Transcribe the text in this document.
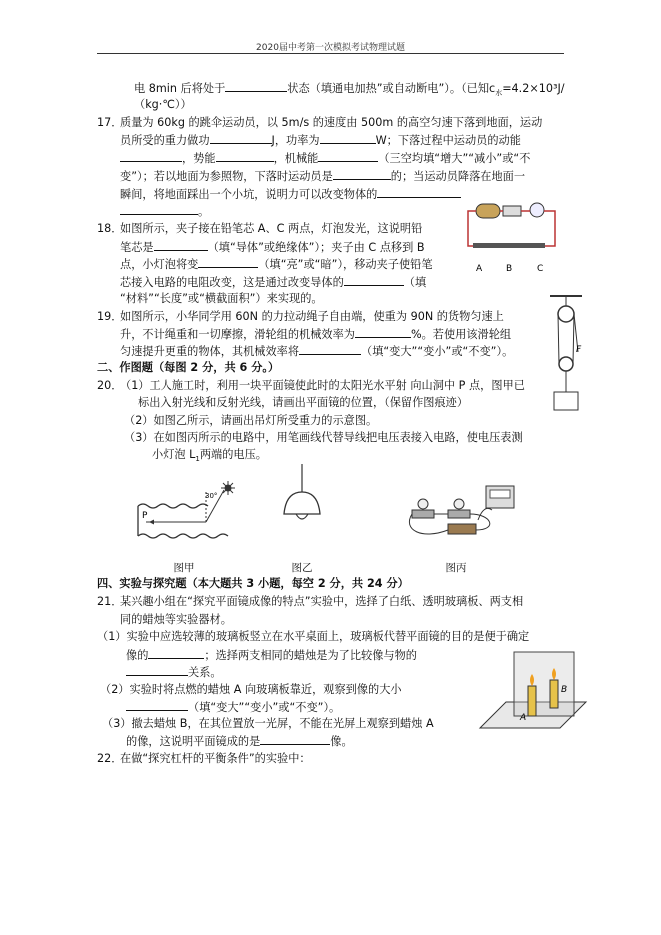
2020届中考第一次模拟考试物理试题
电 8min 后将处于	状态（填通电加热”或自动断电”）。（已知$c_水=4.2\times 10^3J/$
（kg·℃））
17．
质量为 60kg 的跳伞运动员，以 5m/s 的速度由 500m 的高空匀速下落到地面，运动
员所受的重力做功	J，功率为	W；下落过程中运动员的动能
，势能	，机械能	（三空均填“增大”“减小”或“不
变”）；若以地面为参照物，下落时运动员是	的；当运动员降落在地面一
瞬间，将地面踩出一个小坑，说明力可以改变物体的
。
18．
如图所示，夹子接在铅笔芯 A、C 两点，灯泡发光，这说明铅
笔芯是	（填“导体”或绝缘体”）；夹子由 C 点移到 B
点，小灯泡将变	（填“亮”或“暗”），移动夹子使铅笔
芯接入电路的电阻改变，这是通过改变导体的	（填
“材料”“长度”或“横截面积”）来实现的。
A	B	C
19．
如图所示，小华同学用 60N 的力拉动绳子自由端，使重为 90N 的货物匀速上
升，不计绳重和一切摩擦，滑轮组的机械效率为	%。若使用该滑轮组
匀速提升更重的物体，其机械效率将	（填“变大”“变小”或“不变”）。	F
二、作图题（每图 2 分，共 6 分。）
20．
（1）工人施工时，利用一块平面镜使此时的太阳光水平射 向山洞中 P 点，图甲已
标出入射光线和反射光线，请画出平面镜的位置，（保留作图痕迹）
（2）如图乙所示，请画出吊灯所受重力的示意图。
（3）在如图丙所示的电路中，用笔画线代替导线把电压表接入电路，使电压表测
小灯泡 $L_1$两端的电压。
P
30°
图甲	图乙	图丙
四、实验与探究题（本大题共 3 小题，每空 2 分，共 24 分）
21．
某兴趣小组在“探究平面镜成像的特点”实验中，选择了白纸、透明玻璃板、两支相
同的蜡烛等实验器材。
（1）实验中应选较薄的玻璃板竖立在水平桌面上，玻璃板代替平面镜的目的是便于确定
像的	；选择两支相同的蜡烛是为了比较像与物的
关系。
（2）实验时将点燃的蜡烛 A 向玻璃板靠近，观察到像的大小
（填“变大”“变小”或“不变”）。
（3）撤去蜡烛 B，在其位置放一光屏，不能在光屏上观察到蜡烛 A
的像，这说明平面镜成的是	像。
A
B
22．
在做“探究杠杆的平衡条件”的实验中：
